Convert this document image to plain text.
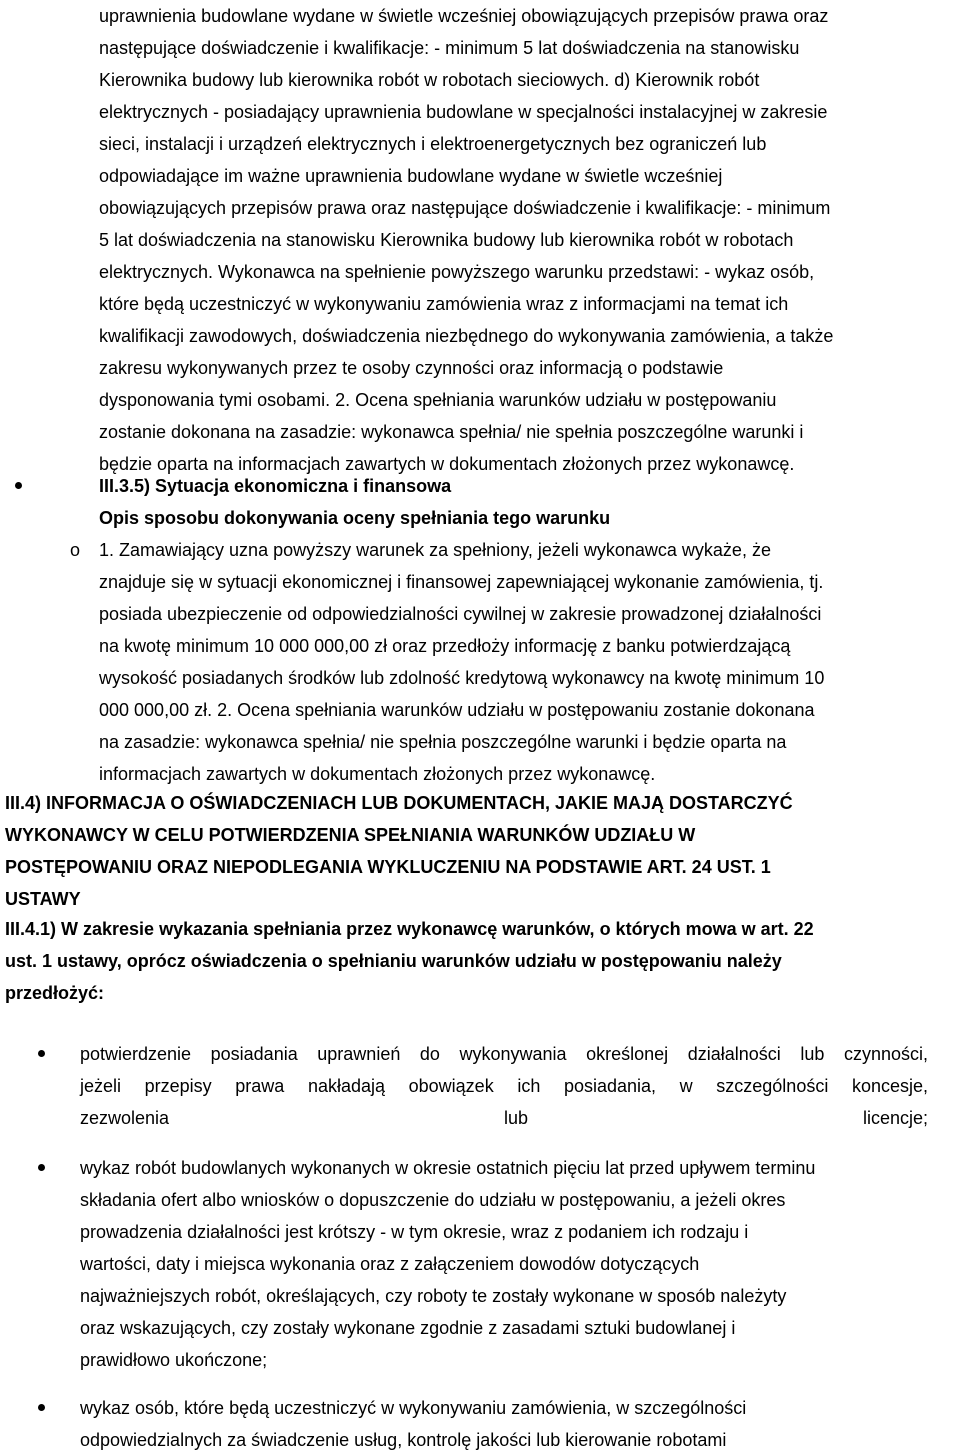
uprawnienia budowlane wydane w świetle wcześniej obowiązujących przepisów prawa oraz
następujące doświadczenie i kwalifikacje: - minimum 5 lat doświadczenia na stanowisku
Kierownika budowy lub kierownika robót w robotach sieciowych. d) Kierownik robót
elektrycznych - posiadający uprawnienia budowlane w specjalności instalacyjnej w zakresie
sieci, instalacji i urządzeń elektrycznych i elektroenergetycznych bez ograniczeń lub
odpowiadające im ważne uprawnienia budowlane wydane w świetle wcześniej
obowiązujących przepisów prawa oraz następujące doświadczenie i kwalifikacje: - minimum
5 lat doświadczenia na stanowisku Kierownika budowy lub kierownika robót w robotach
elektrycznych. Wykonawca na spełnienie powyższego warunku przedstawi: - wykaz osób,
które będą uczestniczyć w wykonywaniu zamówienia wraz z informacjami na temat ich
kwalifikacji zawodowych, doświadczenia niezbędnego do wykonywania zamówienia, a także
zakresu wykonywanych przez te osoby czynności oraz informacją o podstawie
dysponowania tymi osobami. 2. Ocena spełniania warunków udziału w postępowaniu
zostanie dokonana na zasadzie: wykonawca spełnia/ nie spełnia poszczególne warunki i
będzie oparta na informacjach zawartych w dokumentach złożonych przez wykonawcę.
III.3.5) Sytuacja ekonomiczna i finansowa
Opis sposobu dokonywania oceny spełniania tego warunku
o 1. Zamawiający uzna powyższy warunek za spełniony, jeżeli wykonawca wykaże, że
znajduje się w sytuacji ekonomicznej i finansowej zapewniającej wykonanie zamówienia, tj.
posiada ubezpieczenie od odpowiedzialności cywilnej w zakresie prowadzonej działalności
na kwotę minimum 10 000 000,00 zł oraz przedłoży informację z banku potwierdzającą
wysokość posiadanych środków lub zdolność kredytową wykonawcy na kwotę minimum 10
000 000,00 zł. 2. Ocena spełniania warunków udziału w postępowaniu zostanie dokonana
na zasadzie: wykonawca spełnia/ nie spełnia poszczególne warunki i będzie oparta na
informacjach zawartych w dokumentach złożonych przez wykonawcę.
III.4) INFORMACJA O OŚWIADCZENIACH LUB DOKUMENTACH, JAKIE MAJĄ DOSTARCZYĆ
WYKONAWCY W CELU POTWIERDZENIA SPEŁNIANIA WARUNKÓW UDZIAŁU W
POSTĘPOWANIU ORAZ NIEPODLEGANIA WYKLUCZENIU NA PODSTAWIE ART. 24 UST. 1
USTAWY
III.4.1) W zakresie wykazania spełniania przez wykonawcę warunków, o których mowa w art. 22
ust. 1 ustawy, oprócz oświadczenia o spełnianiu warunków udziału w postępowaniu należy
przedłożyć:
potwierdzenie posiadania uprawnień do wykonywania określonej działalności lub czynności,
jeżeli przepisy prawa nakładają obowiązek ich posiadania, w szczególności koncesje,
zezwolenia lub licencje;
wykaz robót budowlanych wykonanych w okresie ostatnich pięciu lat przed upływem terminu
składania ofert albo wniosków o dopuszczenie do udziału w postępowaniu, a jeżeli okres
prowadzenia działalności jest krótszy - w tym okresie, wraz z podaniem ich rodzaju i
wartości, daty i miejsca wykonania oraz z załączeniem dowodów dotyczących
najważniejszych robót, określających, czy roboty te zostały wykonane w sposób należyty
oraz wskazujących, czy zostały wykonane zgodnie z zasadami sztuki budowlanej i
prawidłowo ukończone;
wykaz osób, które będą uczestniczyć w wykonywaniu zamówienia, w szczególności
odpowiedzialnych za świadczenie usług, kontrolę jakości lub kierowanie robotami
